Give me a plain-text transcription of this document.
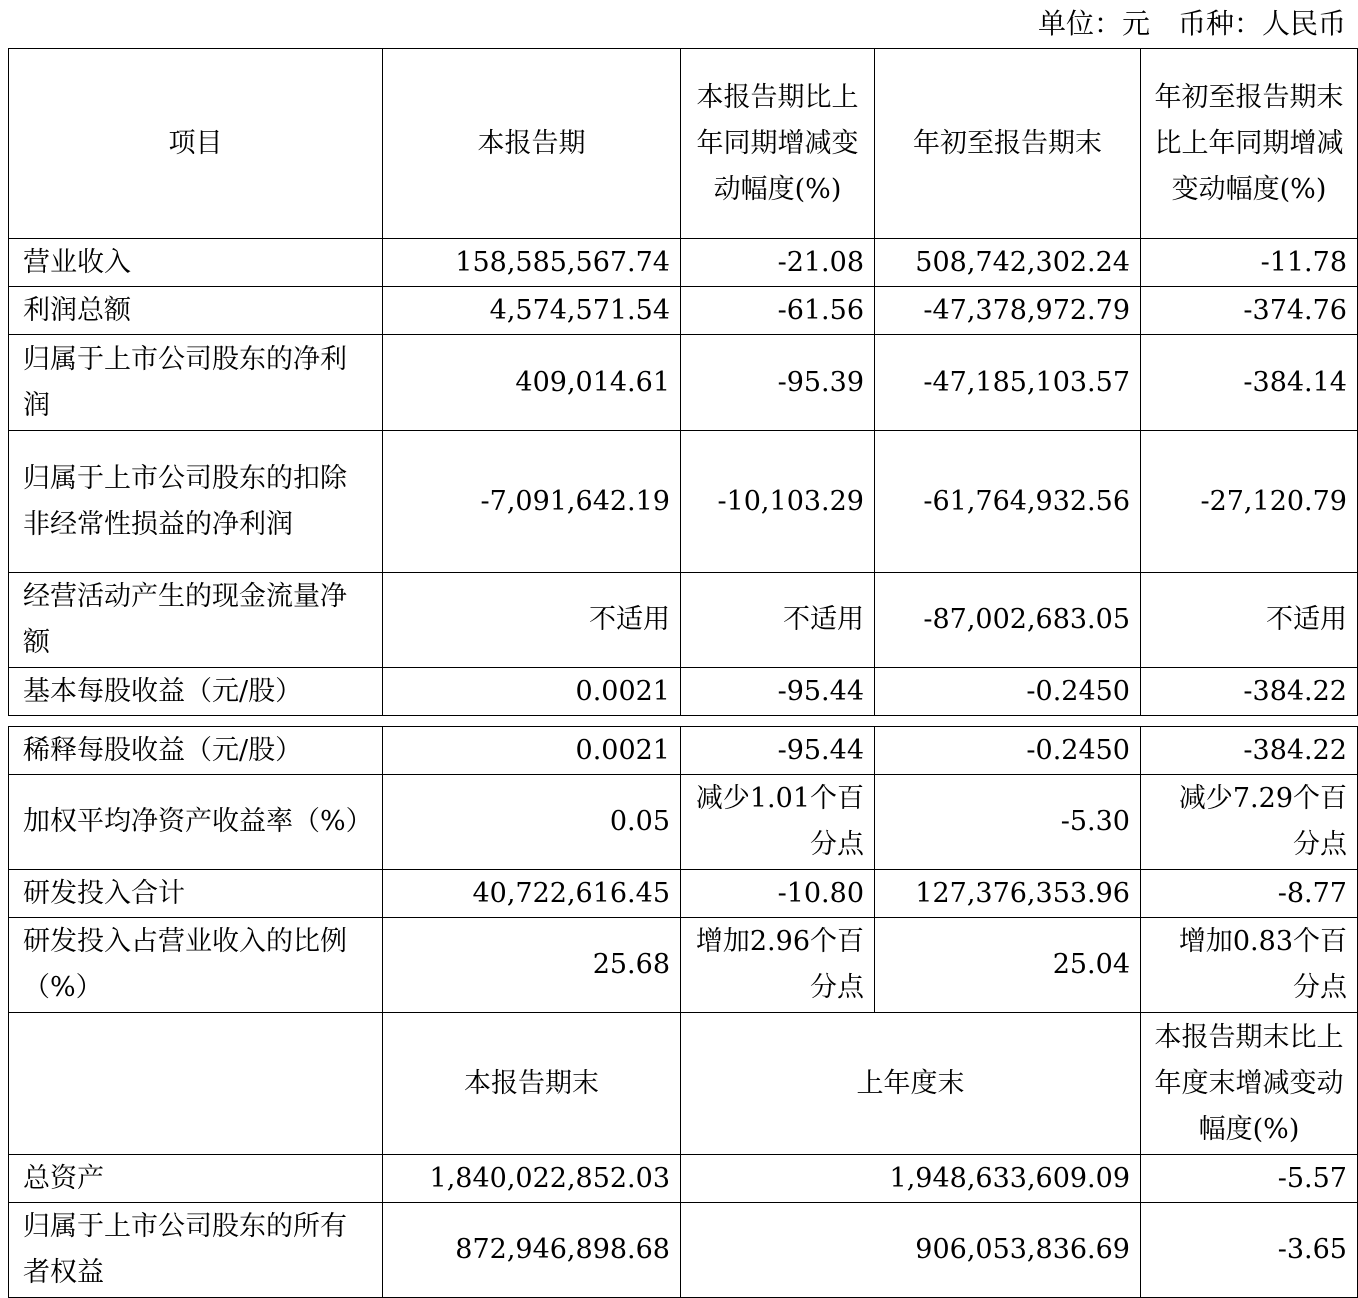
单位：元　币种：人民币
项目	本报告期	本报告期比上年同期增减变动幅度(%)	年初至报告期末	年初至报告期末比上年同期增减变动幅度(%)
营业收入	158,585,567.74	-21.08	508,742,302.24	-11.78
利润总额	4,574,571.54	-61.56	-47,378,972.79	-374.76
归属于上市公司股东的净利润	409,014.61	-95.39	-47,185,103.57	-384.14
归属于上市公司股东的扣除非经常性损益的净利润	-7,091,642.19	-10,103.29	-61,764,932.56	-27,120.79
经营活动产生的现金流量净额	不适用	不适用	-87,002,683.05	不适用
基本每股收益（元/股）	0.0021	-95.44	-0.2450	-384.22
稀释每股收益（元/股）	0.0021	-95.44	-0.2450	-384.22
加权平均净资产收益率（%）	0.05	减少1.01个百分点	-5.30	减少7.29个百分点
研发投入合计	40,722,616.45	-10.80	127,376,353.96	-8.77
研发投入占营业收入的比例（%）	25.68	增加2.96个百分点	25.04	增加0.83个百分点
	本报告期末	上年度末		本报告期末比上年度末增减变动幅度(%)
总资产	1,840,022,852.03	1,948,633,609.09		-5.57
归属于上市公司股东的所有者权益	872,946,898.68	906,053,836.69		-3.65
